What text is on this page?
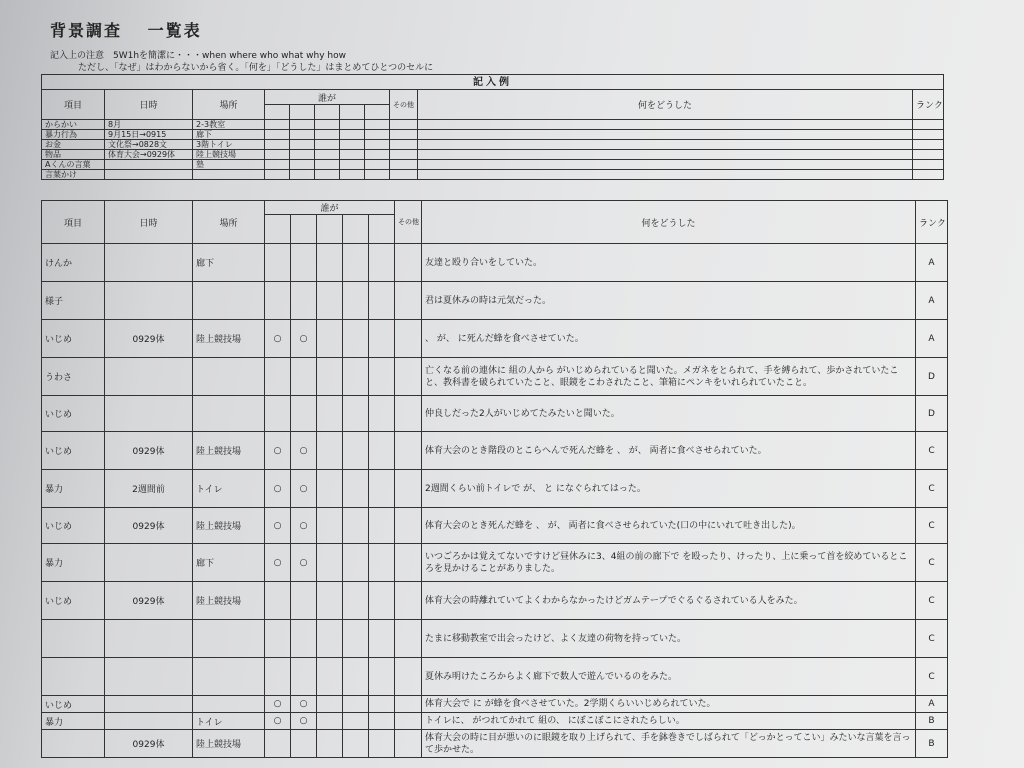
背景調査 一覧表
記入上の注意　5W1hを簡潔に・・・when where who what why how
ただし、「なぜ」はわからないから省く。「何を」「どうした」はまとめてひとつのセルに
記入例										
項目	日時	場所	誰が					その他	何をどうした	ランク

からかい	8月	2-3教室								
暴力行為	9月15日→0915	廊下								
お金	文化祭→0828文	3階トイレ								
物品	体育大会→0929体	陸上競技場								
Aくんの言葉		塾								
言葉かけ										
項目	日時	場所	誰が					その他	何をどうした	ランク

けんか		廊下							友達と殴り合いをしていた。	A
様子									君は夏休みの時は元気だった。	A
いじめ	0929体	陸上競技場	○	○					、 が、 に死んだ蜂を食べさせていた。	A
うわさ									亡くなる前の連休に 組の人から がいじめられていると聞いた。メガネをとられて、手を縛られて、歩かされていたこと、教科書を破られていたこと、眼鏡をこわされたこと、筆箱にペンキをいれられていたこと。	D
いじめ									仲良しだった2人がいじめてたみたいと聞いた。	D
いじめ	0929体	陸上競技場	○	○					体育大会のとき階段のとこらへんで死んだ蜂を 、 が、 両者に食べさせられていた。	C
暴力	2週間前	トイレ	○	○					2週間くらい前トイレで が、 と になぐられてはった。	C
いじめ	0929体	陸上競技場	○	○					体育大会のとき死んだ蜂を 、 が、 両者に食べさせられていた(口の中にいれて吐き出した)。	C
暴力		廊下	○	○					いつごろかは覚えてないですけど昼休みに3、4組の前の廊下で を殴ったり、けったり、上に乗って首を絞めているところを見かけることがありました。	C
いじめ	0929体	陸上競技場							体育大会の時離れていてよくわからなかったけどガムテープでぐるぐるされている人をみた。	C
									たまに移動教室で出会ったけど、よく友達の荷物を持っていた。	C
									夏休み明けたころからよく廊下で数人で遊んでいるのをみた。	C
いじめ			○	○					体育大会で に が蜂を食べさせていた。2学期くらいいじめられていた。	A
暴力		トイレ	○	○					トイレに、 がつれてかれて 組の、 にぼこぼこにされたらしい。	B
	0929体	陸上競技場							体育大会の時に目が悪いのに眼鏡を取り上げられて、手を鉢巻きでしばられて「どっかとってこい」みたいな言葉を言って歩かせた。	B
